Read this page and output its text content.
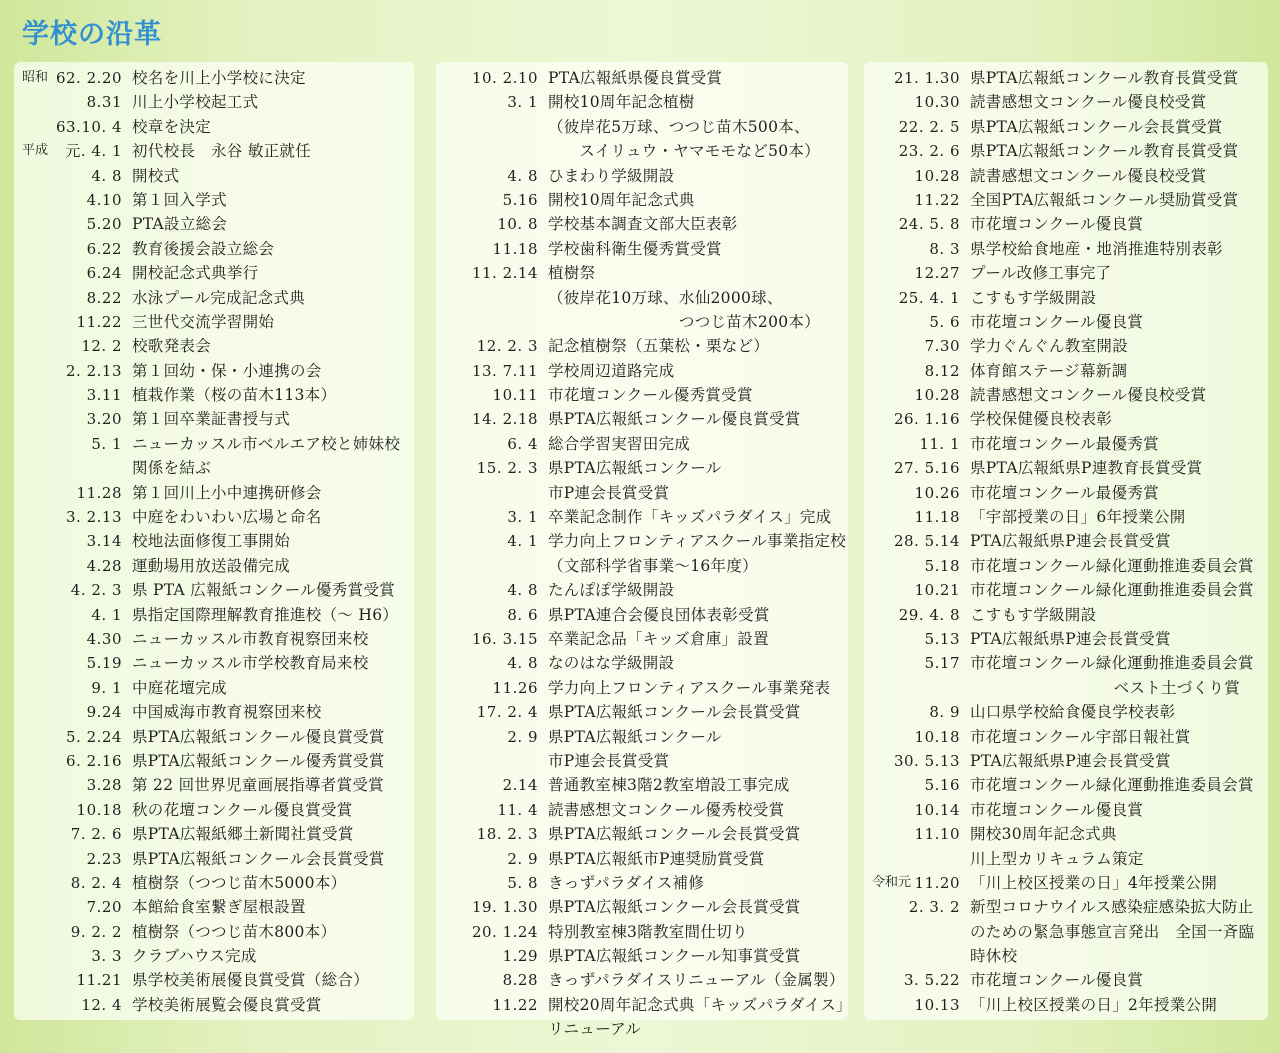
学校の沿革
昭和 62. 2.20 校名を川上小学校に決定
8.31 川上小学校起工式
63.10. 4 校章を決定
平成	元. 4. 1 初代校長　永谷 敏正就任
4. 8 開校式
4.10 第１回入学式
5.20 PTA設立総会
6.22 教育後援会設立総会
6.24 開校記念式典挙行
8.22 水泳プール完成記念式典
11.22 三世代交流学習開始
12. 2 校歌発表会
2. 2.13 第１回幼・保・小連携の会
3.11 植栽作業（桜の苗木113本）
3.20 第１回卒業証書授与式
5. 1 ニューカッスル市ベルエア校と姉妹校
関係を結ぶ
11.28 第１回川上小中連携研修会
3. 2.13 中庭をわいわい広場と命名
3.14 校地法面修復工事開始
4.28 運動場用放送設備完成
4. 2. 3 県 PTA 広報紙コンクール優秀賞受賞
4. 1 県指定国際理解教育推進校（～ H6）
4.30 ニューカッスル市教育視察団来校
5.19 ニューカッスル市学校教育局来校
9. 1 中庭花壇完成
9.24 中国威海市教育視察団来校
5. 2.24 県PTA広報紙コンクール優良賞受賞
6. 2.16 県PTA広報紙コンクール優秀賞受賞
3.28 第 22 回世界児童画展指導者賞受賞
10.18 秋の花壇コンクール優良賞受賞
7. 2. 6 県PTA広報紙郷土新聞社賞受賞
2.23 県PTA広報紙コンクール会長賞受賞
8. 2. 4 植樹祭（つつじ苗木5000本）
7.20 本館給食室繋ぎ屋根設置
9. 2. 2 植樹祭（つつじ苗木800本）
3. 3 クラブハウス完成
11.21 県学校美術展優良賞受賞（総合）
12. 4 学校美術展覧会優良賞受賞
10. 2.10 PTA広報紙県優良賞受賞
3. 1 開校10周年記念植樹
（彼岸花5万球、つつじ苗木500本、
スイリュウ・ヤマモモなど50本）
4. 8 ひまわり学級開設
5.16 開校10周年記念式典
10. 8 学校基本調査文部大臣表彰
11.18 学校歯科衛生優秀賞受賞
11. 2.14 植樹祭
（彼岸花10万球、水仙2000球、
つつじ苗木200本）
12. 2. 3 記念植樹祭（五葉松・栗など）
13. 7.11 学校周辺道路完成
10.11 市花壇コンクール優秀賞受賞
14. 2.18 県PTA広報紙コンクール優良賞受賞
6. 4 総合学習実習田完成
15. 2. 3 県PTA広報紙コンクール
市P連会長賞受賞
3. 1 卒業記念制作「キッズパラダイス」完成
4. 1 学力向上フロンティアスクール事業指定校
（文部科学省事業～16年度）
4. 8 たんぽぽ学級開設
8. 6 県PTA連合会優良団体表彰受賞
16. 3.15 卒業記念品「キッズ倉庫」設置
4. 8 なのはな学級開設
11.26 学力向上フロンティアスクール事業発表
17. 2. 4 県PTA広報紙コンクール会長賞受賞
2. 9 県PTA広報紙コンクール
市P連会長賞受賞
2.14 普通教室棟3階2教室増設工事完成
11. 4 読書感想文コンクール優秀校受賞
18. 2. 3 県PTA広報紙コンクール会長賞受賞
2. 9 県PTA広報紙市P連奨励賞受賞
5. 8 きっずパラダイス補修
19. 1.30 県PTA広報紙コンクール会長賞受賞
20. 1.24 特別教室棟3階教室間仕切り
1.29 県PTA広報紙コンクール知事賞受賞
8.28 きっずパラダイスリニューアル（金属製）
11.22 開校20周年記念式典「キッズパラダイス」
リニューアル
21. 1.30 県PTA広報紙コンクール教育長賞受賞
10.30 読書感想文コンクール優良校受賞
22. 2. 5 県PTA広報紙コンクール会長賞受賞
23. 2. 6 県PTA広報紙コンクール教育長賞受賞
10.28 読書感想文コンクール優良校受賞
11.22 全国PTA広報紙コンクール奨励賞受賞
24. 5. 8 市花壇コンクール優良賞
8. 3 県学校給食地産・地消推進特別表彰
12.27 プール改修工事完了
25. 4. 1 こすもす学級開設
5. 6 市花壇コンクール優良賞
7.30 学力ぐんぐん教室開設
8.12 体育館ステージ幕新調
10.28 読書感想文コンクール優良校受賞
26. 1.16 学校保健優良校表彰
11. 1 市花壇コンクール最優秀賞
27. 5.16 県PTA広報紙県P連教育長賞受賞
10.26 市花壇コンクール最優秀賞
11.18 「宇部授業の日」6年授業公開
28. 5.14 PTA広報紙県P連会長賞受賞
5.18 市花壇コンクール緑化運動推進委員会賞
10.21 市花壇コンクール緑化運動推進委員会賞
29. 4. 8 こすもす学級開設
5.13 PTA広報紙県P連会長賞受賞
5.17 市花壇コンクール緑化運動推進委員会賞
ベスト土づくり賞
8. 9 山口県学校給食優良学校表彰
10.18 市花壇コンクール宇部日報社賞
30. 5.13 PTA広報紙県P連会長賞受賞
5.16 市花壇コンクール緑化運動推進委員会賞
10.14 市花壇コンクール優良賞
11.10 開校30周年記念式典
川上型カリキュラム策定
令和元 11.20 「川上校区授業の日」4年授業公開
2. 3. 2 新型コロナウイルス感染症感染拡大防止
のための緊急事態宣言発出　全国一斉臨
時休校
3. 5.22 市花壇コンクール優良賞
10.13 「川上校区授業の日」2年授業公開
